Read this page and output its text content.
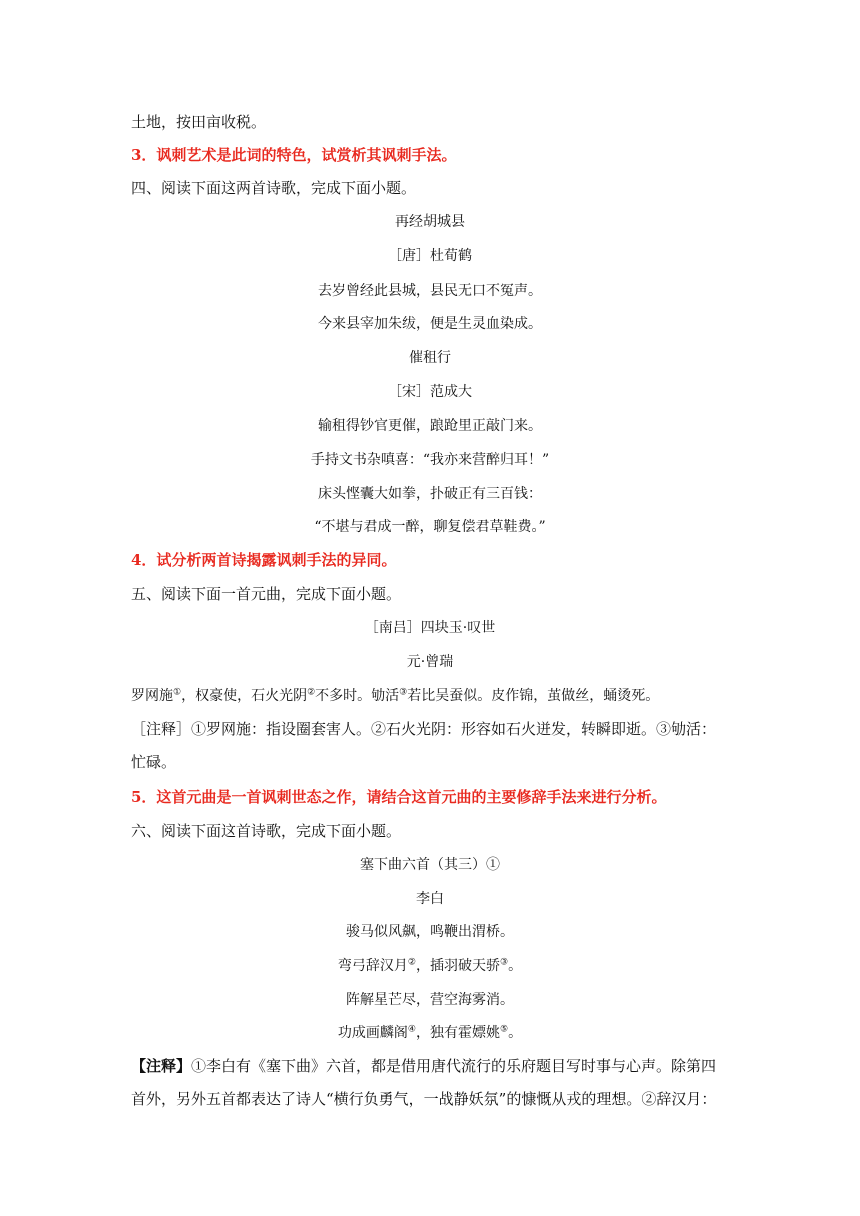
土地，按田亩收税。
3．讽刺艺术是此词的特色，试赏析其讽刺手法。
四、阅读下面这两首诗歌，完成下面小题。
再经胡城县
［唐］杜荀鹤
去岁曾经此县城，县民无口不冤声。
今来县宰加朱绂，便是生灵血染成。
催租行
［宋］范成大
输租得钞官更催，踉跄里正敲门来。
手持文书杂嗔喜：“我亦来营醉归耳！”
床头悭囊大如拳，扑破正有三百钱：
“不堪与君成一醉，聊复偿君草鞋费。”
4．试分析两首诗揭露讽刺手法的异同。
五、阅读下面一首元曲，完成下面小题。
［南吕］四块玉·叹世
元·曾瑞
罗网施①，权豪使，石火光阴②不多时。劬活③若比吴蚕似。皮作锦，茧做丝，蛹烫死。
［注释］①罗网施：指设圈套害人。②石火光阴：形容如石火迸发，转瞬即逝。③劬活：忙碌。
5．这首元曲是一首讽刺世态之作，请结合这首元曲的主要修辞手法来进行分析。
六、阅读下面这首诗歌，完成下面小题。
塞下曲六首（其三）①
李白
骏马似风飙，鸣鞭出渭桥。
弯弓辞汉月②，插羽破天骄③。
阵解星芒尽，营空海雾消。
功成画麟阁④，独有霍嫖姚⑤。
【注释】①李白有《塞下曲》六首，都是借用唐代流行的乐府题目写时事与心声。除第四首外，另外五首都表达了诗人“横行负勇气，一战静妖氛”的慷慨从戎的理想。②辞汉月：
